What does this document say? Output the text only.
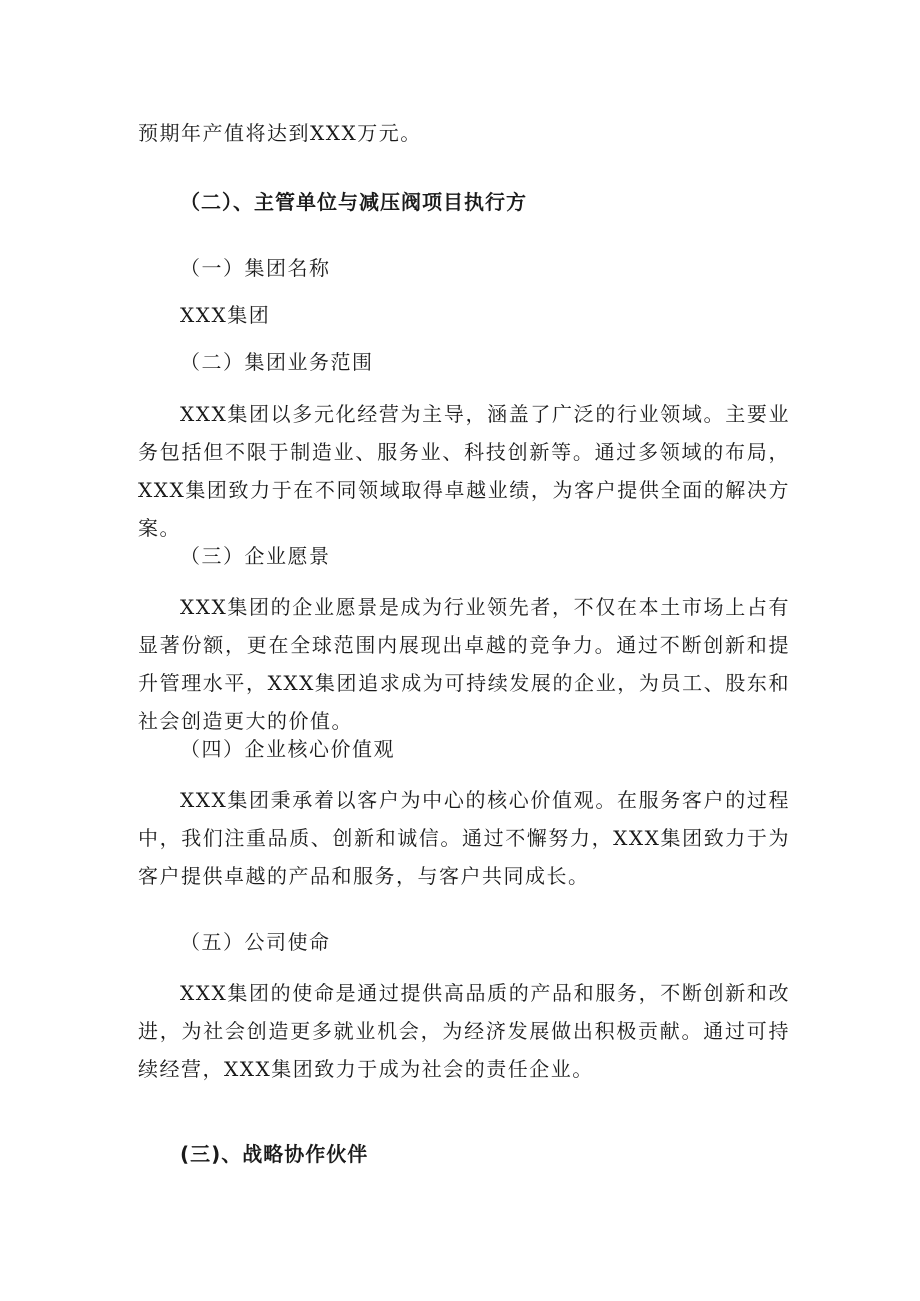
预期年产值将达到XXX万元。
（二）、主管单位与减压阀项目执行方
（一）集团名称
XXX集团
（二）集团业务范围
XXX集团以多元化经营为主导，涵盖了广泛的行业领域。主要业务包括但不限于制造业、服务业、科技创新等。通过多领域的布局，XXX集团致力于在不同领域取得卓越业绩，为客户提供全面的解决方案。
（三）企业愿景
XXX集团的企业愿景是成为行业领先者，不仅在本土市场上占有显著份额，更在全球范围内展现出卓越的竞争力。通过不断创新和提升管理水平，XXX集团追求成为可持续发展的企业，为员工、股东和社会创造更大的价值。
（四）企业核心价值观
XXX集团秉承着以客户为中心的核心价值观。在服务客户的过程中，我们注重品质、创新和诚信。通过不懈努力，XXX集团致力于为客户提供卓越的产品和服务，与客户共同成长。
（五）公司使命
XXX集团的使命是通过提供高品质的产品和服务，不断创新和改进，为社会创造更多就业机会，为经济发展做出积极贡献。通过可持续经营，XXX集团致力于成为社会的责任企业。
(三)、战略协作伙伴
